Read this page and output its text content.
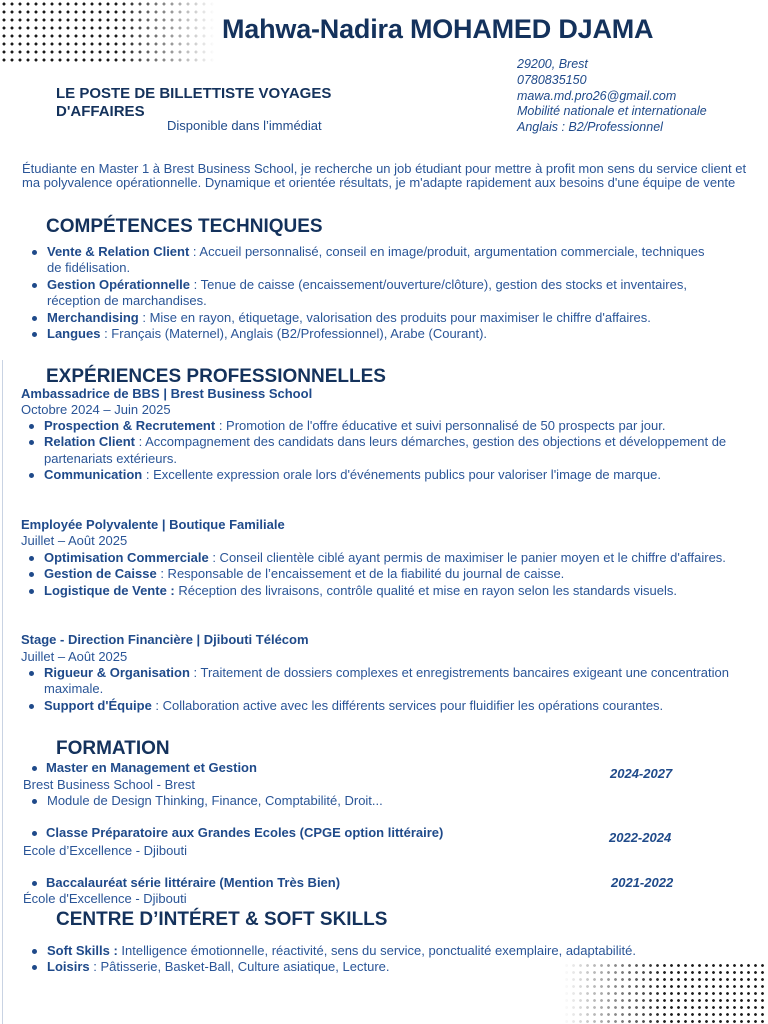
Mahwa-Nadira MOHAMED DJAMA
LE POSTE DE BILLETTISTE VOYAGES D'AFFAIRES
Disponible dans l’immédiat
29200, Brest
0780835150
mawa.md.pro26@gmail.com
Mobilité nationale et internationale
Anglais : B2/Professionnel

Étudiante en Master 1 à Brest Business School, je recherche un job étudiant pour mettre à profit mon sens du service client et ma polyvalence opérationnelle. Dynamique et orientée résultats, je m'adapte rapidement aux besoins d'une équipe de vente

COMPÉTENCES TECHNIQUES
Vente & Relation Client : Accueil personnalisé, conseil en image/produit, argumentation commerciale, techniques de fidélisation.
Gestion Opérationnelle : Tenue de caisse (encaissement/ouverture/clôture), gestion des stocks et inventaires, réception de marchandises.
Merchandising : Mise en rayon, étiquetage, valorisation des produits pour maximiser le chiffre d'affaires.
Langues : Français (Maternel), Anglais (B2/Professionnel), Arabe (Courant).
EXPÉRIENCES PROFESSIONNELLES
Ambassadrice de BBS | Brest Business School
Octobre 2024 – Juin 2025
Prospection & Recrutement : Promotion de l'offre éducative et suivi personnalisé de 50 prospects par jour.
Relation Client : Accompagnement des candidats dans leurs démarches, gestion des objections et développement de partenariats extérieurs.
Communication : Excellente expression orale lors d'événements publics pour valoriser l'image de marque.
Employée Polyvalente | Boutique Familiale
Juillet – Août 2025
Optimisation Commerciale : Conseil clientèle ciblé ayant permis de maximiser le panier moyen et le chiffre d'affaires.
Gestion de Caisse : Responsable de l’encaissement et de la fiabilité du journal de caisse.
Logistique de Vente : Réception des livraisons, contrôle qualité et mise en rayon selon les standards visuels.
Stage - Direction Financière | Djibouti Télécom
Juillet – Août 2025
Rigueur & Organisation : Traitement de dossiers complexes et enregistrements bancaires exigeant une concentration maximale.
Support d'Équipe : Collaboration active avec les différents services pour fluidifier les opérations courantes.
FORMATION
Master en Management et Gestion	2024-2027
Brest Business School - Brest
Module de Design Thinking, Finance, Comptabilité, Droit...
Classe Préparatoire aux Grandes Ecoles (CPGE option littéraire)	2022-2024
Ecole d’Excellence - Djibouti
Baccalauréat série littéraire (Mention Très Bien)	2021-2022
École d'Excellence - Djibouti
CENTRE D’INTÉRET & SOFT SKILLS
Soft Skills : Intelligence émotionnelle, réactivité, sens du service, ponctualité exemplaire, adaptabilité.
Loisirs : Pâtisserie, Basket-Ball, Culture asiatique, Lecture.
